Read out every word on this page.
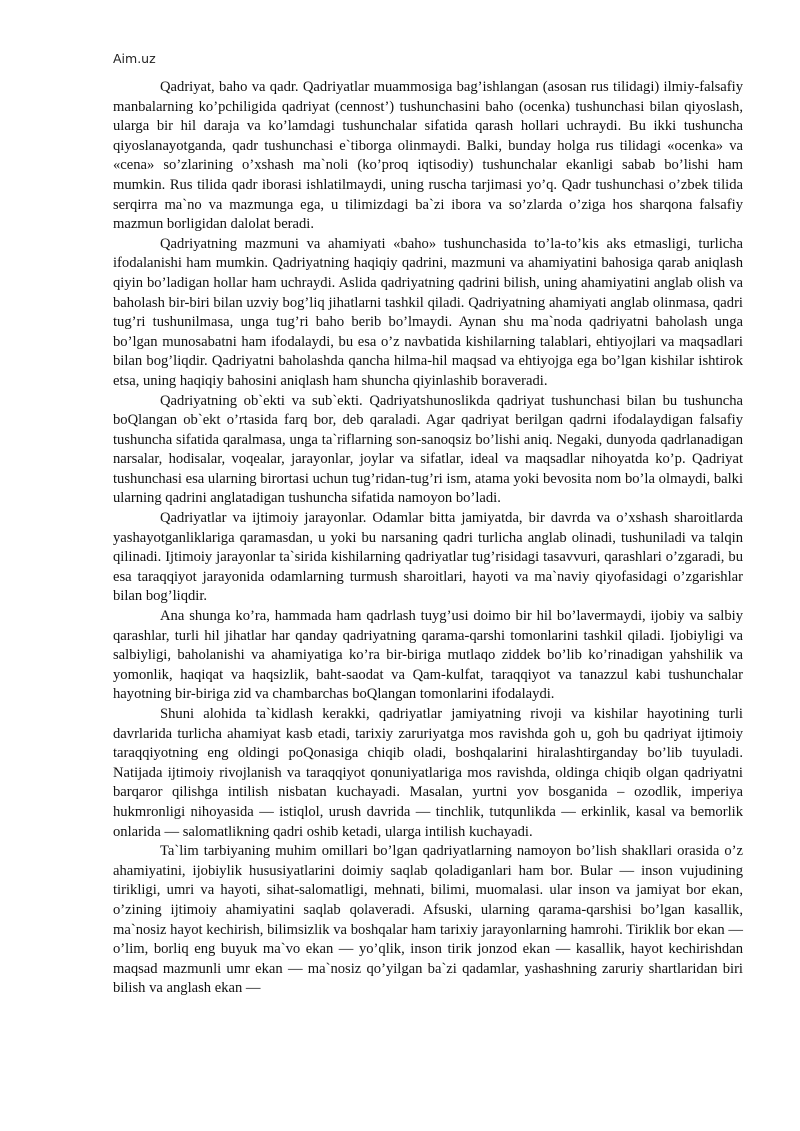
Aim.uz

Qadriyat, baho va qadr. Qadriyatlar muammosiga bag’ishlangan (asosan rus tilidagi) ilmiy-falsafiy manbalarning ko’pchiligida qadriyat (cennost’) tushunchasini baho (ocenka) tushunchasi bilan qiyoslash, ularga bir hil daraja va ko’lamdagi tushunchalar sifatida qarash hollari uchraydi. Bu ikki tushuncha qiyoslanayotganda, qadr tushunchasi e`tiborga olinmaydi. Balki, bunday holga rus tilidagi «ocenka» va «cena» so’zlarining o’xshash ma`noli (ko’proq iqtisodiy) tushunchalar ekanligi sabab bo’lishi ham mumkin. Rus tilida qadr iborasi ishlatilmaydi, uning ruscha tarjimasi yo’q. Qadr tushunchasi o’zbek tilida serqirra ma`no va mazmunga ega, u tilimizdagi ba`zi ibora va so’zlarda o’ziga hos sharqona falsafiy mazmun borligidan dalolat beradi.

Qadriyatning mazmuni va ahamiyati «baho» tushunchasida to’la-to’kis aks etmasligi, turlicha ifodalanishi ham mumkin. Qadriyatning haqiqiy qadrini, mazmuni va ahamiyatini bahosiga qarab aniqlash qiyin bo’ladigan hollar ham uchraydi. Aslida qadriyatning qadrini bilish, uning ahamiyatini anglab olish va baholash bir-biri bilan uzviy bog’liq jihatlarni tashkil qiladi. Qadriyatning ahamiyati anglab olinmasa, qadri tug’ri tushunilmasa, unga tug’ri baho berib bo’lmaydi. Aynan shu ma`noda qadriyatni baholash unga bo’lgan munosabatni ham ifodalaydi, bu esa o’z navbatida kishilarning talablari, ehtiyojlari va maqsadlari bilan bog’liqdir. Qadriyatni baholashda qancha hilma-hil maqsad va ehtiyojga ega bo’lgan kishilar ishtirok etsa, uning haqiqiy bahosini aniqlash ham shuncha qiyinlashib boraveradi.

Qadriyatning ob`ekti va sub`ekti. Qadriyatshunoslikda qadriyat tushunchasi bilan bu tushuncha boQlangan ob`ekt o’rtasida farq bor, deb qaraladi. Agar qadriyat berilgan qadrni ifodalaydigan falsafiy tushuncha sifatida qaralmasa, unga ta`riflarning son-sanoqsiz bo’lishi aniq. Negaki, dunyoda qadrlanadigan narsalar, hodisalar, voqealar, jarayonlar, joylar va sifatlar, ideal va maqsadlar nihoyatda ko’p. Qadriyat tushunchasi esa ularning birortasi uchun tug’ridan-tug’ri ism, atama yoki bevosita nom bo’la olmaydi, balki ularning qadrini anglatadigan tushuncha sifatida namoyon bo’ladi.

Qadriyatlar va ijtimoiy jarayonlar. Odamlar bitta jamiyatda, bir davrda va o’xshash sharoitlarda yashayotganliklariga qaramasdan, u yoki bu narsaning qadri turlicha anglab olinadi, tushuniladi va talqin qilinadi. Ijtimoiy jarayonlar ta`sirida kishilarning qadriyatlar tug’risidagi tasavvuri, qarashlari o’zgaradi, bu esa taraqqiyot jarayonida odamlarning turmush sharoitlari, hayoti va ma`naviy qiyofasidagi o’zgarishlar bilan bog’liqdir.

Ana shunga ko’ra, hammada ham qadrlash tuyg’usi doimo bir hil bo’lavermaydi, ijobiy va salbiy qarashlar, turli hil jihatlar har qanday qadriyatning qarama-qarshi tomonlarini tashkil qiladi. Ijobiyligi va salbiyligi, baholanishi va ahamiyatiga ko’ra bir-biriga mutlaqo ziddek bo’lib ko’rinadigan yahshilik va yomonlik, haqiqat va haqsizlik, baht-saodat va Qam-kulfat, taraqqiyot va tanazzul kabi tushunchalar hayotning bir-biriga zid va chambarchas boQlangan tomonlarini ifodalaydi.

Shuni alohida ta`kidlash kerakki, qadriyatlar jamiyatning rivoji va kishilar hayotining turli davrlarida turlicha ahamiyat kasb etadi, tarixiy zaruriyatga mos ravishda goh u, goh bu qadriyat ijtimoiy taraqqiyotning eng oldingi poQonasiga chiqib oladi, boshqalarini hiralashtirganday bo’lib tuyuladi. Natijada ijtimoiy rivojlanish va taraqqiyot qonuniyatlariga mos ravishda, oldinga chiqib olgan qadriyatni barqaror qilishga intilish nisbatan kuchayadi. Masalan, yurtni yov bosganida – ozodlik, imperiya hukmronligi nihoyasida — istiqlol, urush davrida — tinchlik, tutqunlikda — erkinlik, kasal va bemorlik onlarida — salomatlikning qadri oshib ketadi, ularga intilish kuchayadi.

Ta`lim tarbiyaning muhim omillari bo’lgan qadriyatlarning namoyon bo’lish shakllari orasida o’z ahamiyatini, ijobiylik hususiyatlarini doimiy saqlab qoladiganlari ham bor. Bular — inson vujudining tirikligi, umri va hayoti, sihat-salomatligi, mehnati, bilimi, muomalasi. ular inson va jamiyat bor ekan, o’zining ijtimoiy ahamiyatini saqlab qolaveradi. Afsuski, ularning qarama-qarshisi bo’lgan kasallik, ma`nosiz hayot kechirish, bilimsizlik va boshqalar ham tarixiy jarayonlarning hamrohi. Tiriklik bor ekan — o’lim, borliq eng buyuk ma`vo ekan — yo’qlik, inson tirik jonzod ekan — kasallik, hayot kechirishdan maqsad mazmunli umr ekan — ma`nosiz qo’yilgan ba`zi qadamlar, yashashning zaruriy shartlaridan biri bilish va anglash ekan —
